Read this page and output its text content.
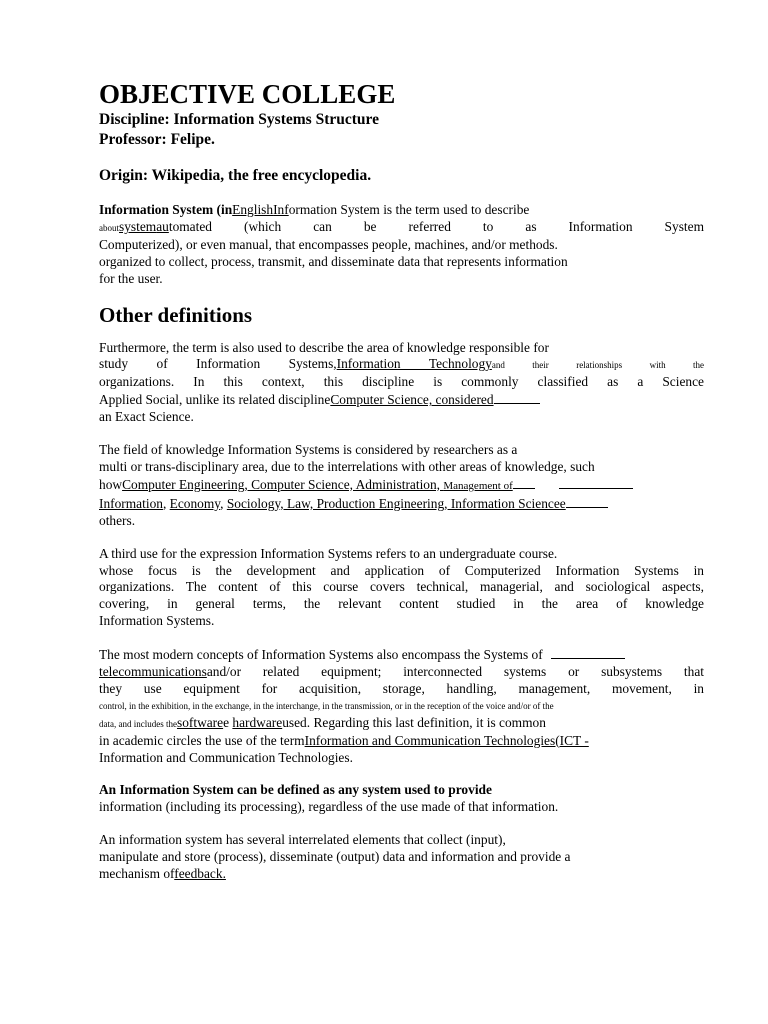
OBJECTIVE COLLEGE

Discipline: Information Systems Structure

Professor: Felipe.

Origin: Wikipedia, the free encyclopedia.

Information System (inEnglishInformation System is the term used to describe
aboutsystemautomated (which can be referred to as Information System
Computerized), or even manual, that encompasses people, machines, and/or methods.
organized to collect, process, transmit, and disseminate data that represents information
for the user.
Other definitions
Furthermore, the term is also used to describe the area of knowledge responsible for
study of Information Systems,Information Technologyand their relationships with the
organizations. In this context, this discipline is commonly classified as a Science
Applied Social, unlike its related disciplineComputer Science, considered
an Exact Science.
The field of knowledge Information Systems is considered by researchers as a
multi or trans-disciplinary area, due to the interrelations with other areas of knowledge, such
howComputer Engineering, Computer Science, Administration, Management of
Information, Economy, Sociology, Law, Production Engineering, Information Sciencee
others.
A third use for the expression Information Systems refers to an undergraduate course.
whose focus is the development and application of Computerized Information Systems in
organizations. The content of this course covers technical, managerial, and sociological aspects,
covering, in general terms, the relevant content studied in the area of knowledge
Information Systems.
The most modern concepts of Information Systems also encompass the Systems of
telecommunicationsand/or related equipment; interconnected systems or subsystems that
they use equipment for acquisition, storage, handling, management, movement, in
control, in the exhibition, in the exchange, in the interchange, in the transmission, or in the reception of the voice and/or of the
data, and includes thesoftwaree hardwareused. Regarding this last definition, it is common
in academic circles the use of the termInformation and Communication Technologies(ICT -
Information and Communication Technologies.
An Information System can be defined as any system used to provide
information (including its processing), regardless of the use made of that information.
An information system has several interrelated elements that collect (input),
manipulate and store (process), disseminate (output) data and information and provide a
mechanism offeedback.
